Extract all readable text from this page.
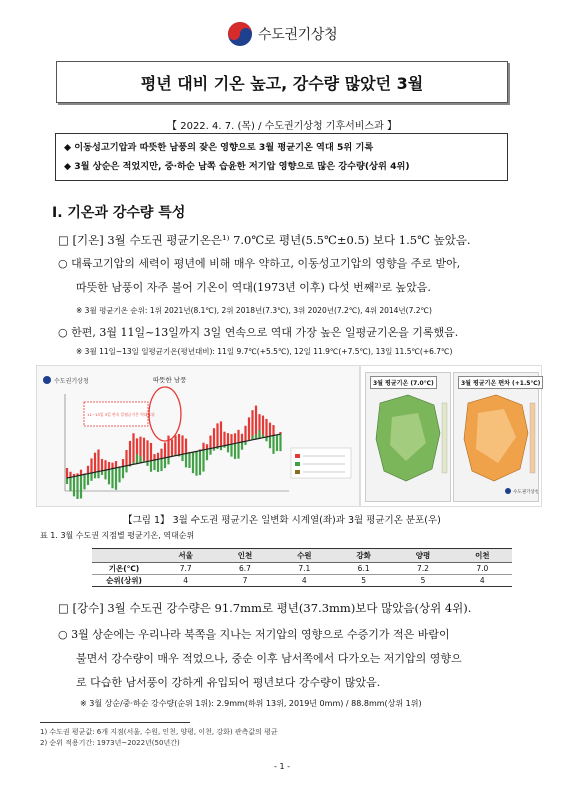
수도권기상청
평년 대비 기온 높고, 강수량 많았던 3월
【 2022. 4. 7. (목) / 수도권기상청 기후서비스과 】
◆ 이동성고기압과 따뜻한 남풍의 잦은 영향으로 3월 평균기온 역대 5위 기록
◆ 3월 상순은 적었지만, 중·하순 남쪽 습윤한 저기압 영향으로 많은 강수량(상위 4위)
Ⅰ. 기온과 강수량 특성
□ [기온] 3월 수도권 평균기온은¹⁾ 7.0℃로 평년(5.5℃±0.5) 보다 1.5℃ 높았음.
○ 대륙고기압의 세력이 평년에 비해 매우 약하고, 이동성고기압의 영향을 주로 받아,
따뜻한 남풍이 자주 불어 기온이 역대(1973년 이후) 다섯 번째²⁾로 높았음.
※ 3월 평균기온 순위: 1위 2021년(8.1℃), 2위 2018년(7.3℃), 3위 2020년(7.2℃), 4위 2014년(7.2℃)
○ 한편, 3월 11일~13일까지 3일 연속으로 역대 가장 높은 일평균기온을 기록했음.
※ 3월 11일~13일 일평균기온(평년대비): 11일 9.7℃(+5.5℃), 12일 11.9℃(+7.5℃), 13일 11.5℃(+6.7℃)
수도권기상청	따뜻한 남풍
11~13일 3일 연속 일평균기온 역대 1위
3월 평균기온 (7.0℃)	3월 평균기온 편차 (+1.5℃)
수도권기상청
【그림 1】 3월 수도권 평균기온 일변화 시계열(좌)과 3월 평균기온 분포(우)
표 1. 3월 수도권 지점별 평균기온, 역대순위
	서울	인천	수원	강화	양평	이천
기온(℃)	7.7	6.7	7.1	6.1	7.2	7.0
순위(상위)	4	7	4	5	5	4
□ [강수] 3월 수도권 강수량은 91.7mm로 평년(37.3mm)보다 많았음(상위 4위).
○ 3월 상순에는 우리나라 북쪽을 지나는 저기압의 영향으로 수증기가 적은 바람이
불면서 강수량이 매우 적었으나, 중순 이후 남서쪽에서 다가오는 저기압의 영향으
로 다습한 남서풍이 강하게 유입되어 평년보다 강수량이 많았음.
※ 3월 상순/중·하순 강수량(순위 1위): 2.9mm(하위 13위, 2019년 0mm) / 88.8mm(상위 1위)
1) 수도권 평균값: 6개 지점(서울, 수원, 인천, 양평, 이천, 강화) 관측값의 평균
2) 순위 적용기간: 1973년~2022년(50년간)
- 1 -
